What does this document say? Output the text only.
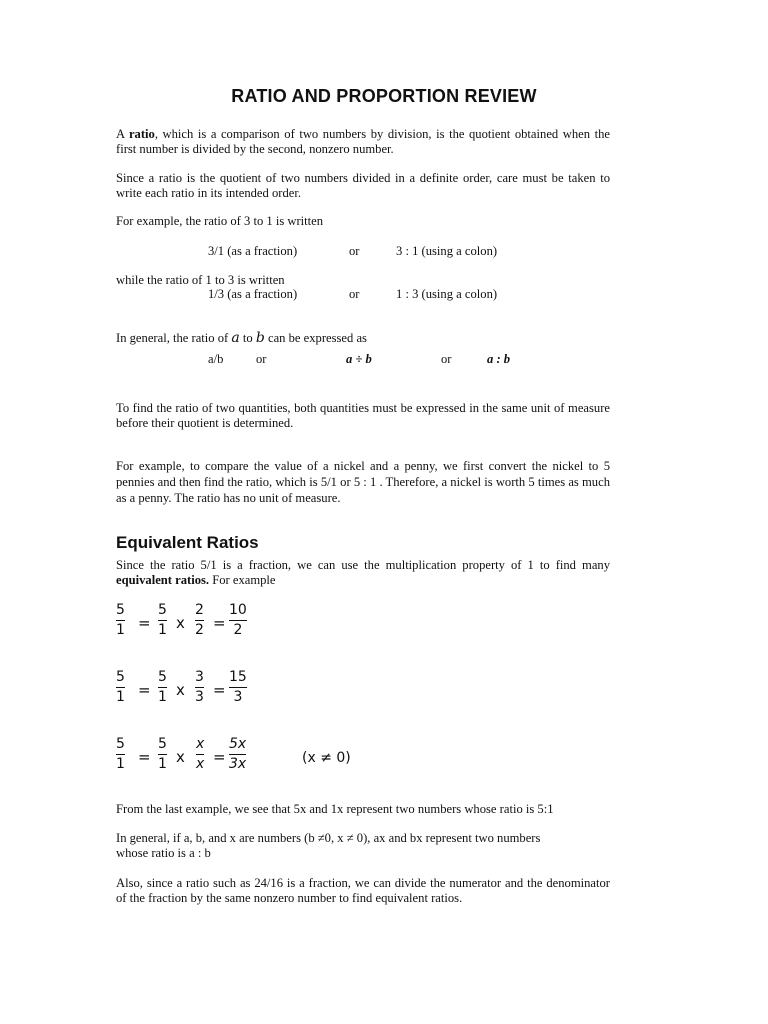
RATIO AND PROPORTION REVIEW
A ratio, which is a comparison of two numbers by division, is the quotient obtained when the first number is divided by the second, nonzero number.
Since a ratio is the quotient of two numbers divided in a definite order, care must be taken to write each ratio in its intended order.
For example, the ratio of 3 to 1 is written
3/1 (as a fraction)	or	3 : 1 (using a colon)
while the ratio of 1 to 3 is written
1/3 (as a fraction)	or	1 : 3 (using a colon)
In general, the ratio of a to b can be expressed as
a/b	or	a ÷ b	or	a : b
To find the ratio of two quantities, both quantities must be expressed in the same unit of measure before their quotient is determined.
For example, to compare the value of a nickel and a penny, we first convert the nickel to 5 pennies and then find the ratio, which is 5/1 or 5 : 1 . Therefore, a nickel is worth 5 times as much as a penny. The ratio has no unit of measure.
Equivalent Ratios
Since the ratio 5/1 is a fraction, we can use the multiplication property of 1 to find many equivalent ratios. For example
5
1 =
5
1 x
2
2 =
10
2
5
1 =
5
1 x
3
3 =
15
3
5
1 =
5
1 x
x
x =
5x
3x	(x ≠ 0)
From the last example, we see that 5x and 1x represent two numbers whose ratio is 5:1
In general, if a, b, and x are numbers (b ≠0, x ≠ 0), ax and bx represent two numbers
whose ratio is a : b
Also, since a ratio such as 24/16 is a fraction, we can divide the numerator and the denominator of the fraction by the same nonzero number to find equivalent ratios.
